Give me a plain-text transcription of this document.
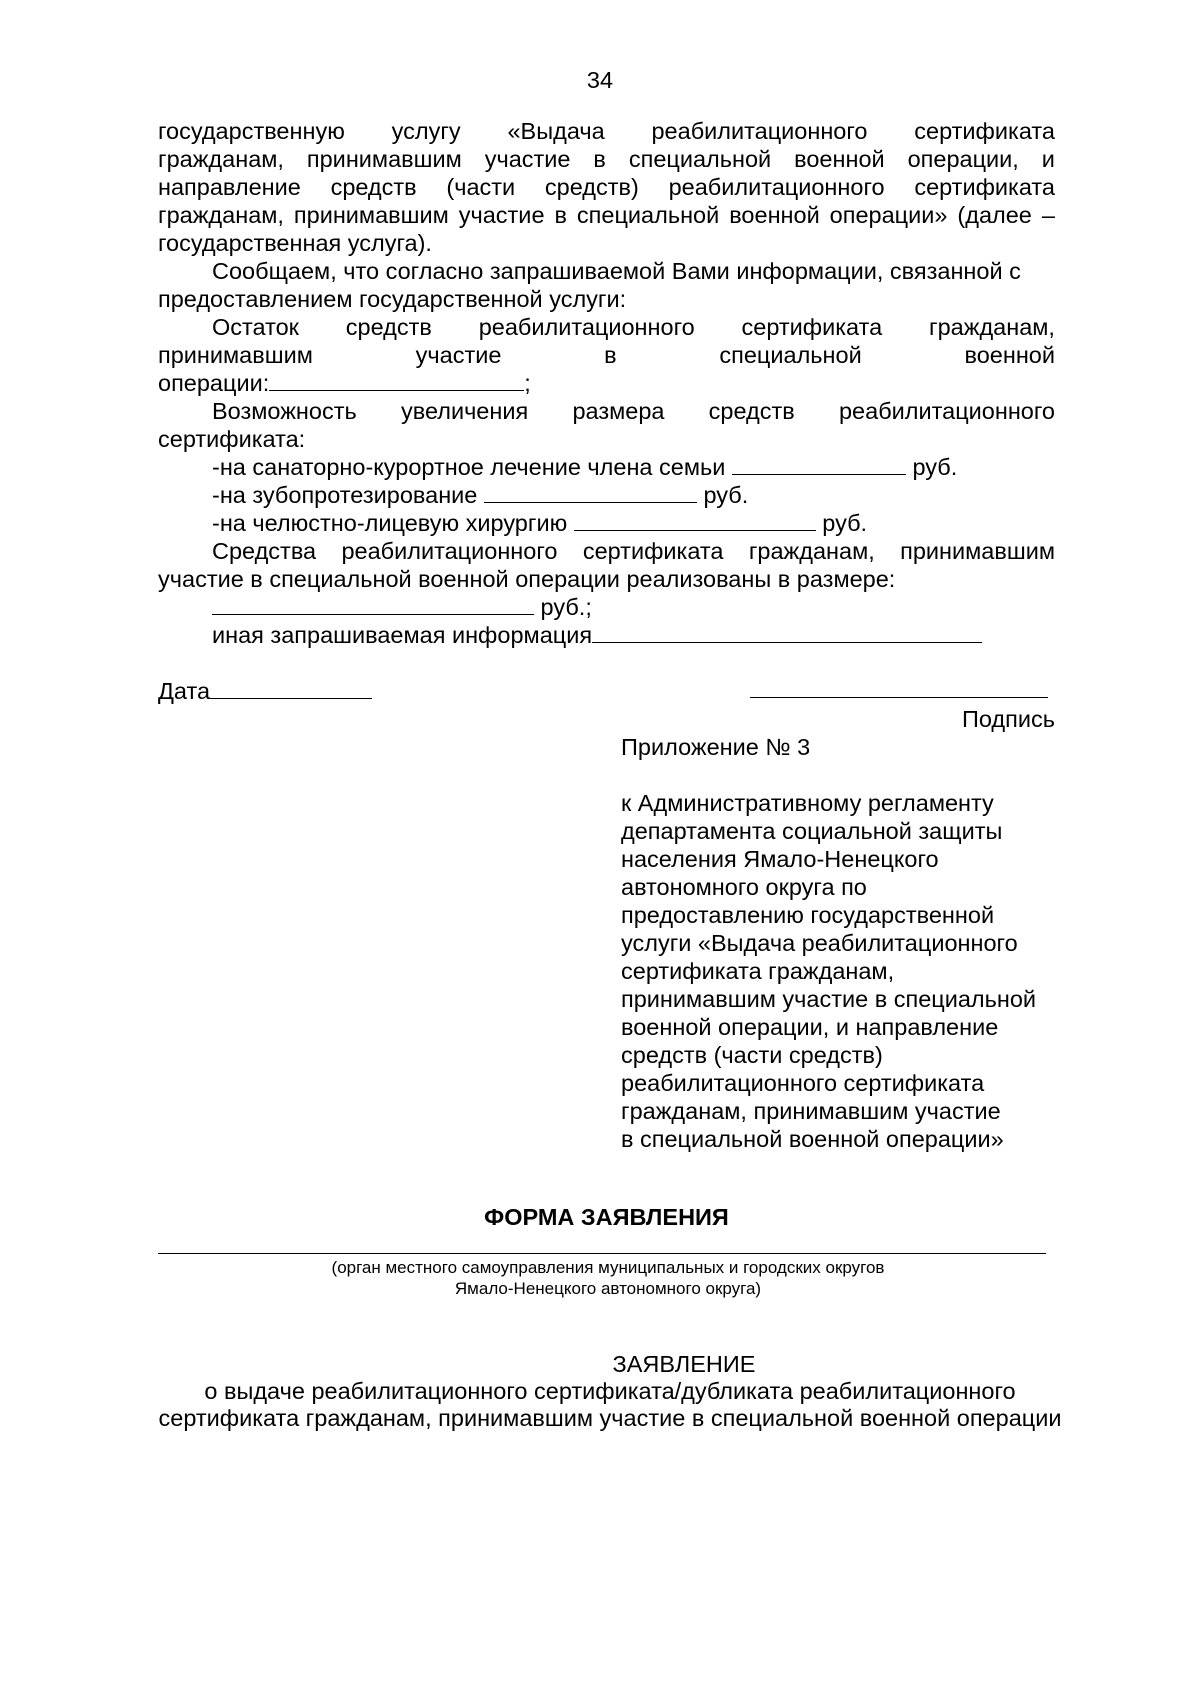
34
государственную услугу «Выдача реабилитационного сертификата
гражданам, принимавшим участие в специальной военной операции, и
направление средств (части средств) реабилитационного сертификата
гражданам, принимавшим участие в специальной военной операции» (далее –
государственная услуга).
Сообщаем, что согласно запрашиваемой Вами информации, связанной с
предоставлением государственной услуги:
Остаток средств реабилитационного сертификата гражданам,
принимавшим	участие	в	специальной	военной
операции:	;
Возможность увеличения размера средств реабилитационного
сертификата:
-на санаторно-курортное лечение члена семьи	руб.
-на зубопротезирование	руб.
-на челюстно-лицевую хирургию	руб.
Средства реабилитационного сертификата гражданам, принимавшим
участие в специальной военной операции реализованы в размере:
руб.;
иная запрашиваемая информация
Дата
Подпись
Приложение № 3
к Административному регламенту
департамента социальной защиты
населения Ямало-Ненецкого
автономного округа по
предоставлению государственной
услуги «Выдача реабилитационного
сертификата гражданам,
принимавшим участие в специальной
военной операции, и направление
средств (части средств)
реабилитационного сертификата
гражданам, принимавшим участие
в специальной военной операции»
ФОРМА ЗАЯВЛЕНИЯ
(орган местного самоуправления муниципальных и городских округов
Ямало-Ненецкого автономного округа)
ЗАЯВЛЕНИЕ
о выдаче реабилитационного сертификата/дубликата реабилитационного
сертификата гражданам, принимавшим участие в специальной военной операции
